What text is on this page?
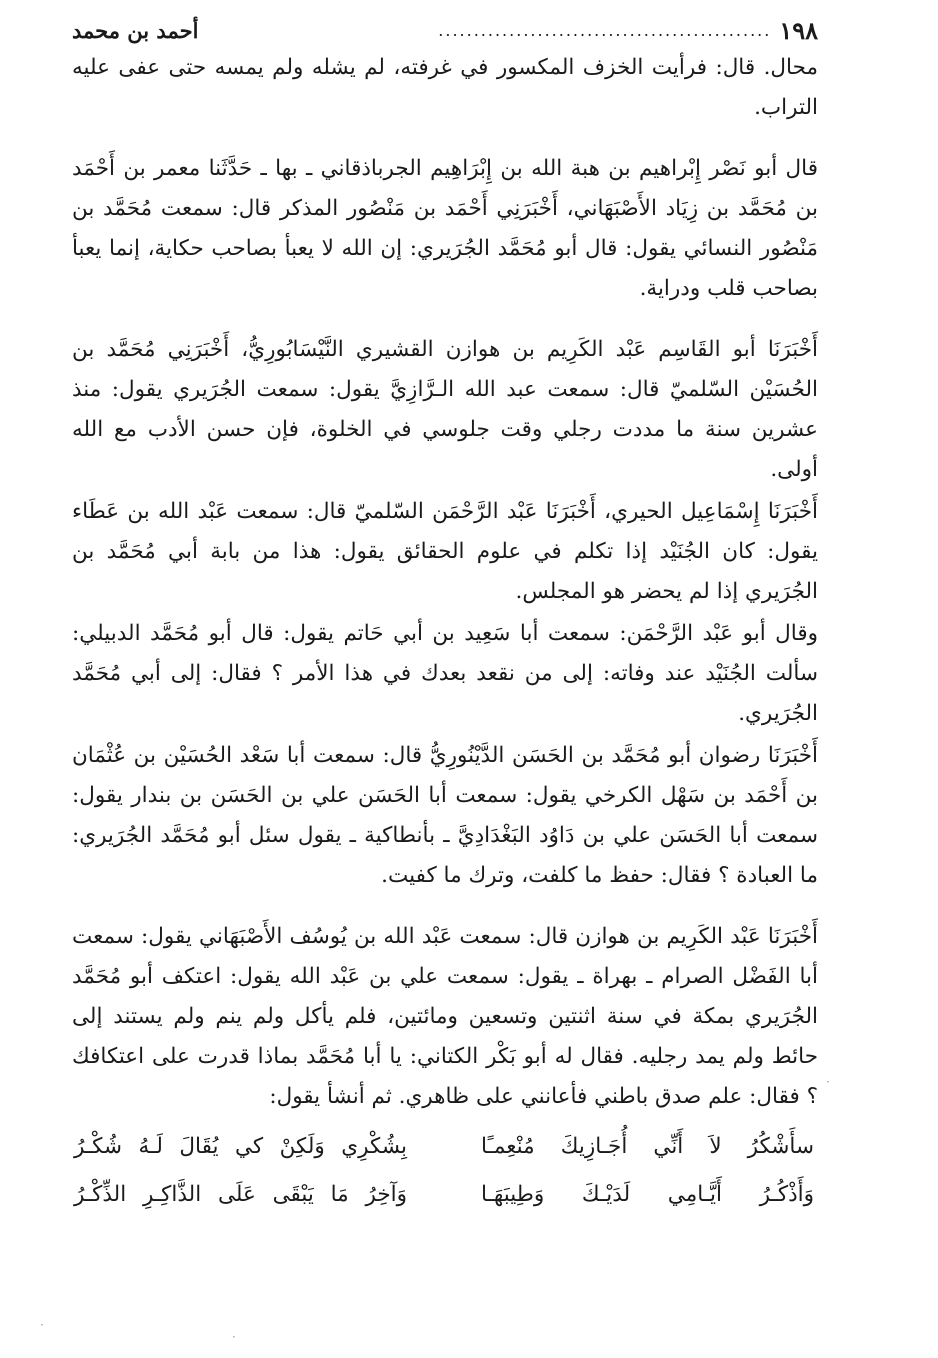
١٩٨
...............................................
أحمد بن محمد

محال. قال: فرأيت الخزف المكسور في غرفته، لم يشله ولم يمسه حتى عفى عليه التراب.

قال أبو نَصْر إِبْراهيم بن هبة الله بن إِبْرَاهِيم الجرباذقاني ـ بها ـ حَدَّثَنا معمر بن أَحْمَد بن مُحَمَّد بن زِيَاد الأَصْبَهَاني، أَخْبَرَنِي أَحْمَد بن مَنْصُور المذكر قال: سمعت مُحَمَّد بن مَنْصُور النسائي يقول: قال أبو مُحَمَّد الجُرَيري: إن الله لا يعبأ بصاحب حكاية، إنما يعبأ بصاحب قلب ودراية.

أَخْبَرَنَا أبو القَاسِم عَبْد الكَرِيم بن هوازن القشيري النَّيْسَابُورِيُّ، أَخْبَرَنِي مُحَمَّد بن الحُسَيْن السّلميّ قال: سمعت عبد الله الـرَّازِيَّ يقول: سمعت الجُرَيري يقول: منذ عشرين سنة ما مددت رجلي وقت جلوسي في الخلوة، فإن حسن الأدب مع الله أولى.

أَخْبَرَنَا إِسْمَاعِيل الحيري، أَخْبَرَنَا عَبْد الرَّحْمَن السّلميّ قال: سمعت عَبْد الله بن عَطَاء يقول: كان الجُنَيْد إذا تكلم في علوم الحقائق يقول: هذا من بابة أبي مُحَمَّد بن الجُرَيري إذا لم يحضر هو المجلس.

وقال أبو عَبْد الرَّحْمَن: سمعت أبا سَعِيد بن أبي حَاتم يقول: قال أبو مُحَمَّد الدبيلي: سألت الجُنَيْد عند وفاته: إلى من نقعد بعدك في هذا الأمر ؟ فقال: إلى أبي مُحَمَّد الجُرَيري.

أَخْبَرَنَا رضوان أبو مُحَمَّد بن الحَسَن الدَّيْنُورِيُّ قال: سمعت أبا سَعْد الحُسَيْن بن عُثْمَان بن أَحْمَد بن سَهْل الكرخي يقول: سمعت أبا الحَسَن علي بن الحَسَن بن بندار يقول: سمعت أبا الحَسَن علي بن دَاوُد البَغْدَادِيَّ ـ بأنطاكية ـ يقول سئل أبو مُحَمَّد الجُرَيري: ما العبادة ؟ فقال: حفظ ما كلفت، وترك ما كفيت.

أَخْبَرَنَا عَبْد الكَرِيم بن هوازن قال: سمعت عَبْد الله بن يُوسُف الأَصْبَهَاني يقول: سمعت أبا الفَضْل الصرام ـ بهراة ـ يقول: سمعت علي بن عَبْد الله يقول: اعتكف أبو مُحَمَّد الجُرَيري بمكة في سنة اثنتين وتسعين ومائتين، فلم يأكل ولم ينم ولم يستند إلى حائط ولم يمد رجليه. فقال له أبو بَكْر الكتاني: يا أبا مُحَمَّد بماذا قدرت على اعتكافك ؟ فقال: علم صدق باطني فأعانني على ظاهري. ثم أنشأ يقول:

سأَشْكُرُ لاَ أَنِّي أُجَـازِيكَ مُنْعِمـًا
بِشُكْرِي وَلَكِنْ كي يُقَالَ لَـهُ شُكْـرُ
وَأَذْكُـرُ أَيَّـامِي لَدَيْـكَ وَطِيبَهَـا
وَآخِرُ مَا يَبْقَى عَلَى الذَّاكِـرِ الذِّكْـرُ
·
·
·
